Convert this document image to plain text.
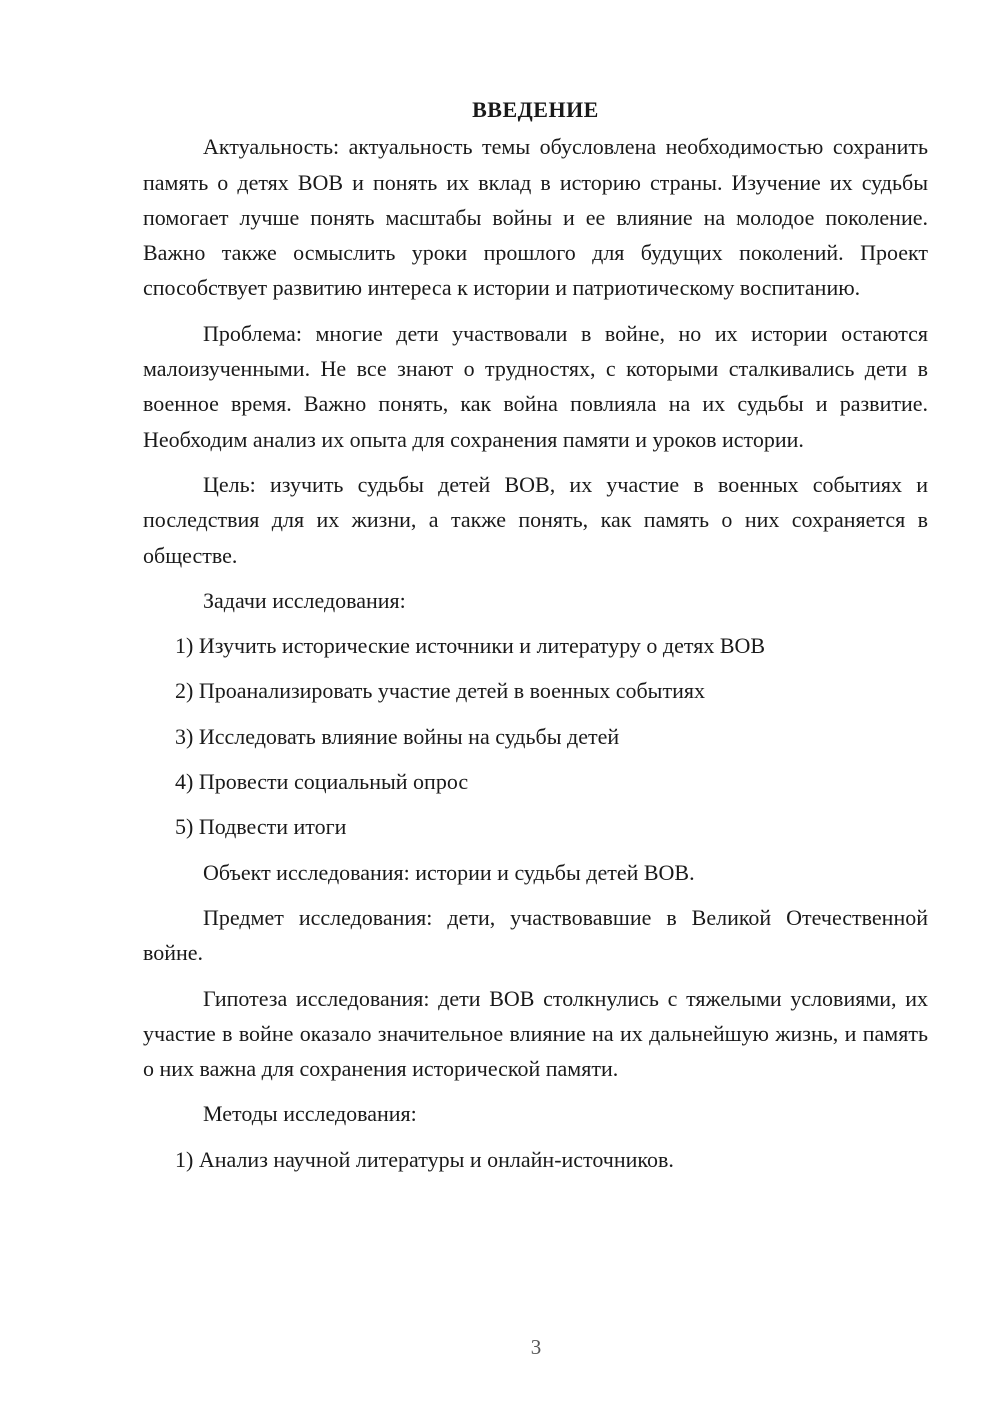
ВВЕДЕНИЕ

Актуальность: актуальность темы обусловлена необходимостью сохранить память о детях ВОВ и понять их вклад в историю страны. Изучение их судьбы помогает лучше понять масштабы войны и ее влияние на молодое поколение. Важно также осмыслить уроки прошлого для будущих поколений. Проект способствует развитию интереса к истории и патриотическому воспитанию.

Проблема: многие дети участвовали в войне, но их истории остаются малоизученными. Не все знают о трудностях, с которыми сталкивались дети в военное время. Важно понять, как война повлияла на их судьбы и развитие. Необходим анализ их опыта для сохранения памяти и уроков истории.

Цель: изучить судьбы детей ВОВ, их участие в военных событиях и последствия для их жизни, а также понять, как память о них сохраняется в обществе.

Задачи исследования:

1) Изучить исторические источники и литературу о детях ВОВ

2) Проанализировать участие детей в военных событиях

3) Исследовать влияние войны на судьбы детей

4) Провести социальный опрос

5) Подвести итоги

Объект исследования: истории и судьбы детей ВОВ.

Предмет исследования: дети, участвовавшие в Великой Отечественной войне.

Гипотеза исследования: дети ВОВ столкнулись с тяжелыми условиями, их участие в войне оказало значительное влияние на их дальнейшую жизнь, и память о них важна для сохранения исторической памяти.

Методы исследования:

1) Анализ научной литературы и онлайн-источников.

3
